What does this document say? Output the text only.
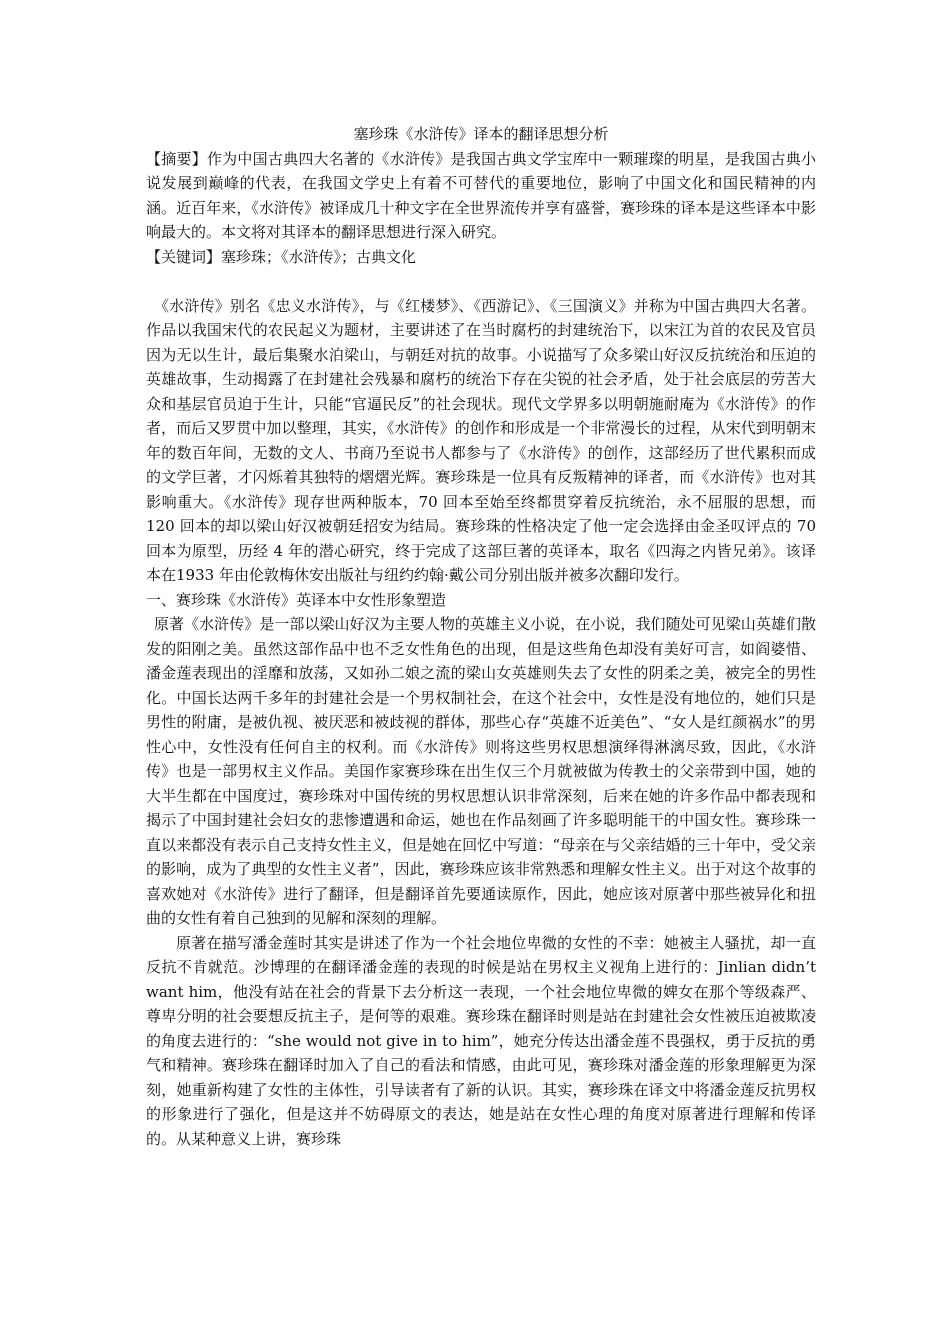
塞珍珠《水浒传》译本的翻译思想分析

【摘要】作为中国古典四大名著的《水浒传》是我国古典文学宝库中一颗璀璨的明星，是我国古典小说发展到巅峰的代表，在我国文学史上有着不可替代的重要地位，影响了中国文化和国民精神的内涵。近百年来，《水浒传》被译成几十种文字在全世界流传并享有盛誉，赛珍珠的译本是这些译本中影响最大的。本文将对其译本的翻译思想进行深入研究。

【关键词】塞珍珠；《水浒传》；古典文化

《水浒传》别名《忠义水浒传》，与《红楼梦》、《西游记》、《三国演义》并称为中国古典四大名著。作品以我国宋代的农民起义为题材，主要讲述了在当时腐朽的封建统治下，以宋江为首的农民及官员因为无以生计，最后集聚水泊梁山，与朝廷对抗的故事。小说描写了众多梁山好汉反抗统治和压迫的英雄故事，生动揭露了在封建社会残暴和腐朽的统治下存在尖锐的社会矛盾，处于社会底层的劳苦大众和基层官员迫于生计，只能“官逼民反”的社会现状。现代文学界多以明朝施耐庵为《水浒传》的作者，而后又罗贯中加以整理，其实，《水浒传》的创作和形成是一个非常漫长的过程，从宋代到明朝末年的数百年间，无数的文人、书商乃至说书人都参与了《水浒传》的创作，这部经历了世代累积而成的文学巨著，才闪烁着其独特的熠熠光辉。赛珍珠是一位具有反叛精神的译者，而《水浒传》也对其影响重大。《水浒传》现存世两种版本，70 回本至始至终都贯穿着反抗统治，永不屈服的思想，而 120 回本的却以梁山好汉被朝廷招安为结局。赛珍珠的性格决定了他一定会选择由金圣叹评点的 70 回本为原型，历经 4 年的潜心研究，终于完成了这部巨著的英译本，取名《四海之内皆兄弟》。该译本在1933 年由伦敦梅休安出版社与纽约约翰·戴公司分别出版并被多次翻印发行。

一、赛珍珠《水浒传》英译本中女性形象塑造

原著《水浒传》是一部以梁山好汉为主要人物的英雄主义小说，在小说，我们随处可见梁山英雄们散发的阳刚之美。虽然这部作品中也不乏女性角色的出现，但是这些角色却没有美好可言，如阎婆惜、潘金莲表现出的淫靡和放荡，又如孙二娘之流的梁山女英雄则失去了女性的阴柔之美，被完全的男性化。中国长达两千多年的封建社会是一个男权制社会，在这个社会中，女性是没有地位的，她们只是男性的附庸，是被仇视、被厌恶和被歧视的群体，那些心存“英雄不近美色”、“女人是红颜祸水”的男性心中，女性没有任何自主的权利。而《水浒传》则将这些男权思想演绎得淋漓尽致，因此，《水浒传》也是一部男权主义作品。美国作家赛珍珠在出生仅三个月就被做为传教士的父亲带到中国，她的大半生都在中国度过，赛珍珠对中国传统的男权思想认识非常深刻，后来在她的许多作品中都表现和揭示了中国封建社会妇女的悲惨遭遇和命运，她也在作品刻画了许多聪明能干的中国女性。赛珍珠一直以来都没有表示自己支持女性主义，但是她在回忆中写道：“母亲在与父亲结婚的三十年中，受父亲的影响，成为了典型的女性主义者”，因此，赛珍珠应该非常熟悉和理解女性主义。出于对这个故事的喜欢她对《水浒传》进行了翻译，但是翻译首先要通读原作，因此，她应该对原著中那些被异化和扭曲的女性有着自己独到的见解和深刻的理解。

原著在描写潘金莲时其实是讲述了作为一个社会地位卑微的女性的不幸：她被主人骚扰，却一直反抗不肯就范。沙博理的在翻译潘金莲的表现的时候是站在男权主义视角上进行的：Jinlian didn’t want him，他没有站在社会的背景下去分析这一表现，一个社会地位卑微的婢女在那个等级森严、尊卑分明的社会要想反抗主子，是何等的艰难。赛珍珠在翻译时则是站在封建社会女性被压迫被欺凌的角度去进行的：“she would not give in to him”，她充分传达出潘金莲不畏强权，勇于反抗的勇气和精神。赛珍珠在翻译时加入了自己的看法和情感，由此可见，赛珍珠对潘金莲的形象理解更为深刻，她重新构建了女性的主体性，引导读者有了新的认识。其实，赛珍珠在译文中将潘金莲反抗男权的形象进行了强化，但是这并不妨碍原文的表达，她是站在女性心理的角度对原著进行理解和传译的。从某种意义上讲，赛珍珠
